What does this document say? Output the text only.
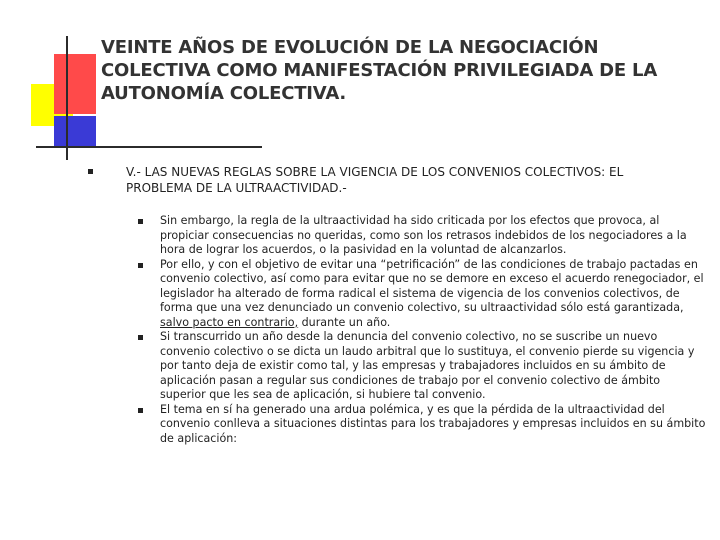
VEINTE AÑOS DE EVOLUCIÓN DE LA NEGOCIACIÓN COLECTIVA COMO MANIFESTACIÓN PRIVILEGIADA DE LA AUTONOMÍA COLECTIVA.
V.- LAS NUEVAS REGLAS SOBRE LA VIGENCIA DE LOS CONVENIOS COLECTIVOS: EL PROBLEMA DE LA ULTRAACTIVIDAD.-
Sin embargo, la regla de la ultraactividad ha sido criticada por los efectos que provoca, al propiciar consecuencias no queridas, como son los retrasos indebidos de los negociadores a la hora de lograr los acuerdos, o la pasividad en la voluntad de alcanzarlos.
Por ello, y con el objetivo de evitar una “petrificación” de las condiciones de trabajo pactadas en convenio colectivo, así como para evitar que no se demore en exceso el acuerdo renegociador, el legislador ha alterado de forma radical el sistema de vigencia de los convenios colectivos, de forma que una vez denunciado un convenio colectivo, su ultraactividad sólo está garantizada, salvo pacto en contrario, durante un año.
Si transcurrido un año desde la denuncia del convenio colectivo, no se suscribe un nuevo convenio colectivo o se dicta un laudo arbitral que lo sustituya, el convenio pierde su vigencia y por tanto deja de existir como tal, y las empresas y trabajadores incluidos en su ámbito de aplicación pasan a regular sus condiciones de trabajo por el convenio colectivo de ámbito superior que les sea de aplicación, si hubiere tal convenio.
El tema en sí ha generado una ardua polémica, y es que la pérdida de la ultraactividad del convenio conlleva a situaciones distintas para los trabajadores y empresas incluidos en su ámbito de aplicación:
